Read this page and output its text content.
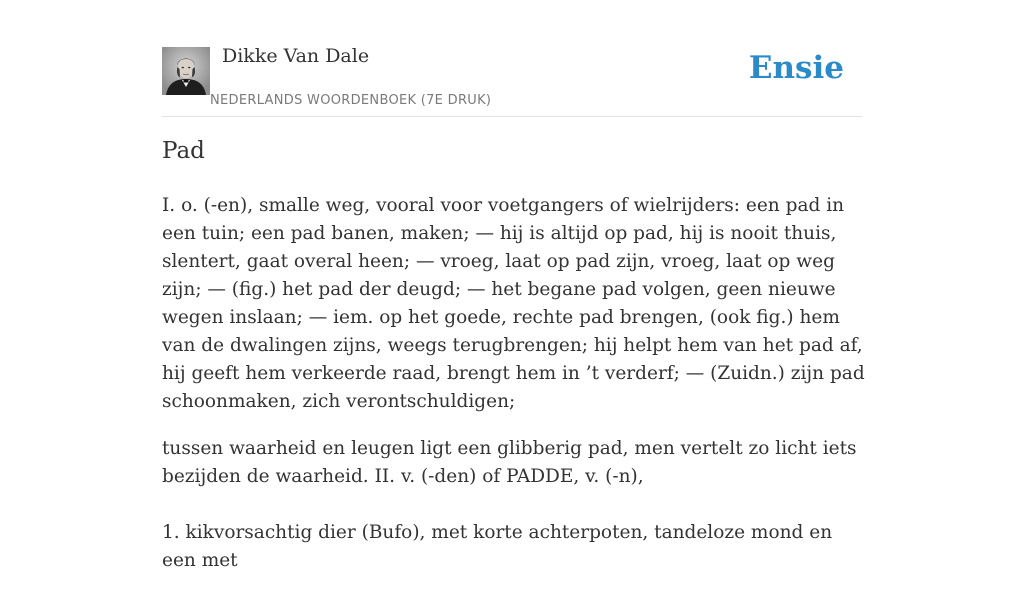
Dikke Van Dale
NEDERLANDS WOORDENBOEK (7E DRUK)
Ensie
Pad

I. o. (-en), smalle weg, vooral voor voetgangers of wielrijders: een pad in een tuin; een pad banen, maken; — hij is altijd op pad, hij is nooit thuis, slentert, gaat overal heen; — vroeg, laat op pad zijn, vroeg, laat op weg zijn; — (fig.) het pad der deugd; — het begane pad volgen, geen nieuwe wegen inslaan; — iem. op het goede, rechte pad brengen, (ook fig.) hem van de dwalingen zijns, weegs terugbrengen; hij helpt hem van het pad af, hij geeft hem verkeerde raad, brengt hem in ’t verderf; — (Zuidn.) zijn pad schoonmaken, zich verontschuldigen;

tussen waarheid en leugen ligt een glibberig pad, men vertelt zo licht iets bezijden de waarheid. II. v. (-den) of PADDE, v. (-n),

1. kikvorsachtig dier (Bufo), met korte achterpoten, tandeloze mond en een met
